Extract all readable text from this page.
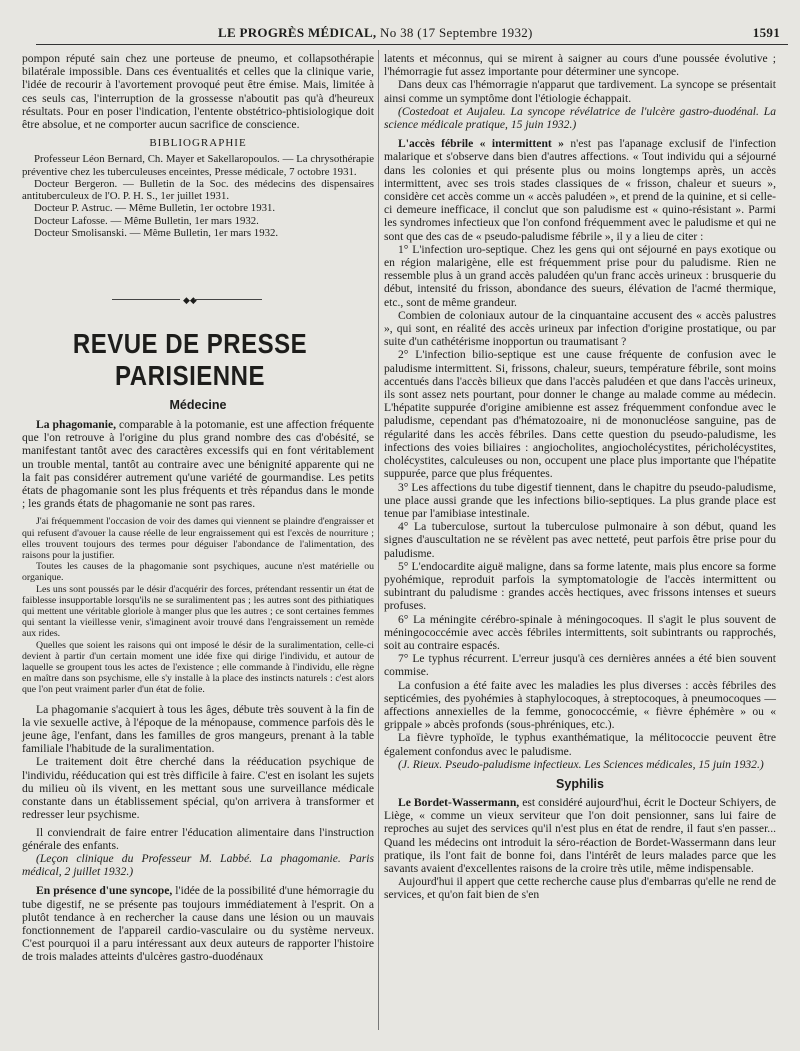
LE PROGRÈS MÉDICAL, No 38 (17 Septembre 1932)	1591

pompon réputé sain chez une porteuse de pneumo, et collapsothérapie bilatérale impossible. Dans ces éventualités et celles que la clinique varie, l'idée de recourir à l'avortement provoqué peut être émise. Mais, limitée à ces seuls cas, l'interruption de la grossesse n'aboutit pas qu'à d'heureux résultats. Pour en poser l'indication, l'entente obstétrico-phtisiologique doit être absolue, et ne comporter aucun sacrifice de conscience.

BIBLIOGRAPHIE

Professeur Léon Bernard, Ch. Mayer et Sakellaropoulos. — La chrysothérapie préventive chez les tuberculeuses enceintes, Presse médicale, 7 octobre 1931.

Docteur Bergeron. — Bulletin de la Soc. des médecins des dispensaires antituberculeux de l'O. P. H. S., 1er juillet 1931.

Docteur P. Astruc. — Même Bulletin, 1er octobre 1931.

Docteur Lafosse. — Même Bulletin, 1er mars 1932.

Docteur Smolisanski. — Même Bulletin, 1er mars 1932.

◆◆
REVUE DE PRESSE PARISIENNE
Médecine

La phagomanie, comparable à la potomanie, est une affection fréquente que l'on retrouve à l'origine du plus grand nombre des cas d'obésité, se manifestant tantôt avec des caractères excessifs qui en font véritablement un trouble mental, tantôt au contraire avec une bénignité apparente qui ne la fait pas considérer autrement qu'une variété de gourmandise. Les petits états de phagomanie sont les plus fréquents et très répandus dans le monde ; les grands états de phagomanie ne sont pas rares.

J'ai fréquemment l'occasion de voir des dames qui viennent se plaindre d'engraisser et qui refusent d'avouer la cause réelle de leur engraissement qui est l'excès de nourriture ; elles trouvent toujours des termes pour déguiser l'abondance de l'alimentation, des raisons pour la justifier.

Toutes les causes de la phagomanie sont psychiques, aucune n'est matérielle ou organique.

Les uns sont poussés par le désir d'acquérir des forces, prétendant ressentir un état de faiblesse insupportable lorsqu'ils ne se suralimentent pas ; les autres sont des pithiatiques qui mettent une véritable gloriole à manger plus que les autres ; ce sont certaines femmes qui sentant la vieillesse venir, s'imaginent avoir trouvé dans l'engraissement un remède aux rides.

Quelles que soient les raisons qui ont imposé le désir de la suralimentation, celle-ci devient à partir d'un certain moment une idée fixe qui dirige l'individu, et autour de laquelle se groupent tous les actes de l'existence ; elle commande à l'individu, elle règne en maître dans son psychisme, elle s'y installe à la place des instincts naturels : c'est alors que l'on peut vraiment parler d'un état de folie.

La phagomanie s'acquiert à tous les âges, débute très souvent à la fin de la vie sexuelle active, à l'époque de la ménopause, commence parfois dès le jeune âge, l'enfant, dans les familles de gros mangeurs, prenant à la table familiale l'habitude de la suralimentation.

Le traitement doit être cherché dans la rééducation psychique de l'individu, rééducation qui est très difficile à faire. C'est en isolant les sujets du milieu où ils vivent, en les mettant sous une surveillance médicale constante dans un établissement spécial, qu'on arrivera à transformer et redresser leur psychisme.

Il conviendrait de faire entrer l'éducation alimentaire dans l'instruction générale des enfants.

(Leçon clinique du Professeur M. Labbé. La phagomanie. Paris médical, 2 juillet 1932.)

En présence d'une syncope, l'idée de la possibilité d'une hémorragie du tube digestif, ne se présente pas toujours immédiatement à l'esprit. On a plutôt tendance à en rechercher la cause dans une lésion ou un mauvais fonctionnement de l'appareil cardio-vasculaire ou du système nerveux. C'est pourquoi il a paru intéressant aux deux auteurs de rapporter l'histoire de trois malades atteints d'ulcères gastro-duodénaux

latents et méconnus, qui se mirent à saigner au cours d'une poussée évolutive ; l'hémorragie fut assez importante pour déterminer une syncope.

Dans deux cas l'hémorragie n'apparut que tardivement. La syncope se présentait ainsi comme un symptôme dont l'étiologie échappait.

(Costedoat et Aujaleu. La syncope révélatrice de l'ulcère gastro-duodénal. La science médicale pratique, 15 juin 1932.)

L'accès fébrile « intermittent » n'est pas l'apanage exclusif de l'infection malarique et s'observe dans bien d'autres affections. « Tout individu qui a séjourné dans les colonies et qui présente plus ou moins longtemps après, un accès intermittent, avec ses trois stades classiques de « frisson, chaleur et sueurs », considère cet accès comme un « accès paludéen », et prend de la quinine, et si celle-ci demeure inefficace, il conclut que son paludisme est « quino-résistant ». Parmi les syndromes infectieux que l'on confond fréquemment avec le paludisme et qui ne sont que des cas de « pseudo-paludisme fébrile », il y a lieu de citer :

1° L'infection uro-septique. Chez les gens qui ont séjourné en pays exotique ou en région malarigène, elle est fréquemment prise pour du paludisme. Rien ne ressemble plus à un grand accès paludéen qu'un franc accès urineux : brusquerie du début, intensité du frisson, abondance des sueurs, élévation de l'acmé thermique, etc., sont de même grandeur.

Combien de coloniaux autour de la cinquantaine accusent des « accès palustres », qui sont, en réalité des accès urineux par infection d'origine prostatique, ou par suite d'un cathétérisme inopportun ou traumatisant ?

2° L'infection bilio-septique est une cause fréquente de confusion avec le paludisme intermittent. Si, frissons, chaleur, sueurs, température fébrile, sont moins accentués dans l'accès bilieux que dans l'accès paludéen et que dans l'accès urineux, ils sont assez nets pourtant, pour donner le change au malade comme au médecin. L'hépatite suppurée d'origine amibienne est assez fréquemment confondue avec le paludisme, cependant pas d'hématozoaire, ni de mononucléose sanguine, pas de régularité dans les accès fébriles. Dans cette question du pseudo-paludisme, les infections des voies biliaires : angiocholites, angiocholécystites, péricholécystites, cholécystites, calculeuses ou non, occupent une place plus importante que l'hépatite suppurée, parce que plus fréquentes.

3° Les affections du tube digestif tiennent, dans le chapitre du pseudo-paludisme, une place aussi grande que les infections bilio-septiques. La plus grande place est tenue par l'amibiase intestinale.

4° La tuberculose, surtout la tuberculose pulmonaire à son début, quand les signes d'auscultation ne se révèlent pas avec netteté, peut parfois être prise pour du paludisme.

5° L'endocardite aiguë maligne, dans sa forme latente, mais plus encore sa forme pyohémique, reproduit parfois la symptomatologie de l'accès intermittent ou subintrant du paludisme : grandes accès hectiques, avec frissons intenses et sueurs profuses.

6° La méningite cérébro-spinale à méningocoques. Il s'agit le plus souvent de méningococcémie avec accès fébriles intermittents, soit subintrants ou rapprochés, soit au contraire espacés.

7° Le typhus récurrent. L'erreur jusqu'à ces dernières années a été bien souvent commise.

La confusion a été faite avec les maladies les plus diverses : accès fébriles des septicémies, des pyohémies à staphylocoques, à streptocoques, à pneumocoques — affections annexielles de la femme, gonococcémie, « fièvre éphémère » ou « grippale » abcès profonds (sous-phréniques, etc.).

La fièvre typhoïde, le typhus exanthématique, la mélitococcie peuvent être également confondus avec le paludisme.

(J. Rieux. Pseudo-paludisme infectieux. Les Sciences médicales, 15 juin 1932.)

Syphilis

Le Bordet-Wassermann, est considéré aujourd'hui, écrit le Docteur Schiyers, de Liège, « comme un vieux serviteur que l'on doit pensionner, sans lui faire de reproches au sujet des services qu'il n'est plus en état de rendre, il faut s'en passer... Quand les médecins ont introduit la séro-réaction de Bordet-Wassermann dans leur pratique, ils l'ont fait de bonne foi, dans l'intérêt de leurs malades parce que les savants avaient d'excellentes raisons de la croire très utile, même indispensable.

Aujourd'hui il appert que cette recherche cause plus d'embarras qu'elle ne rend de services, et qu'on fait bien de s'en
